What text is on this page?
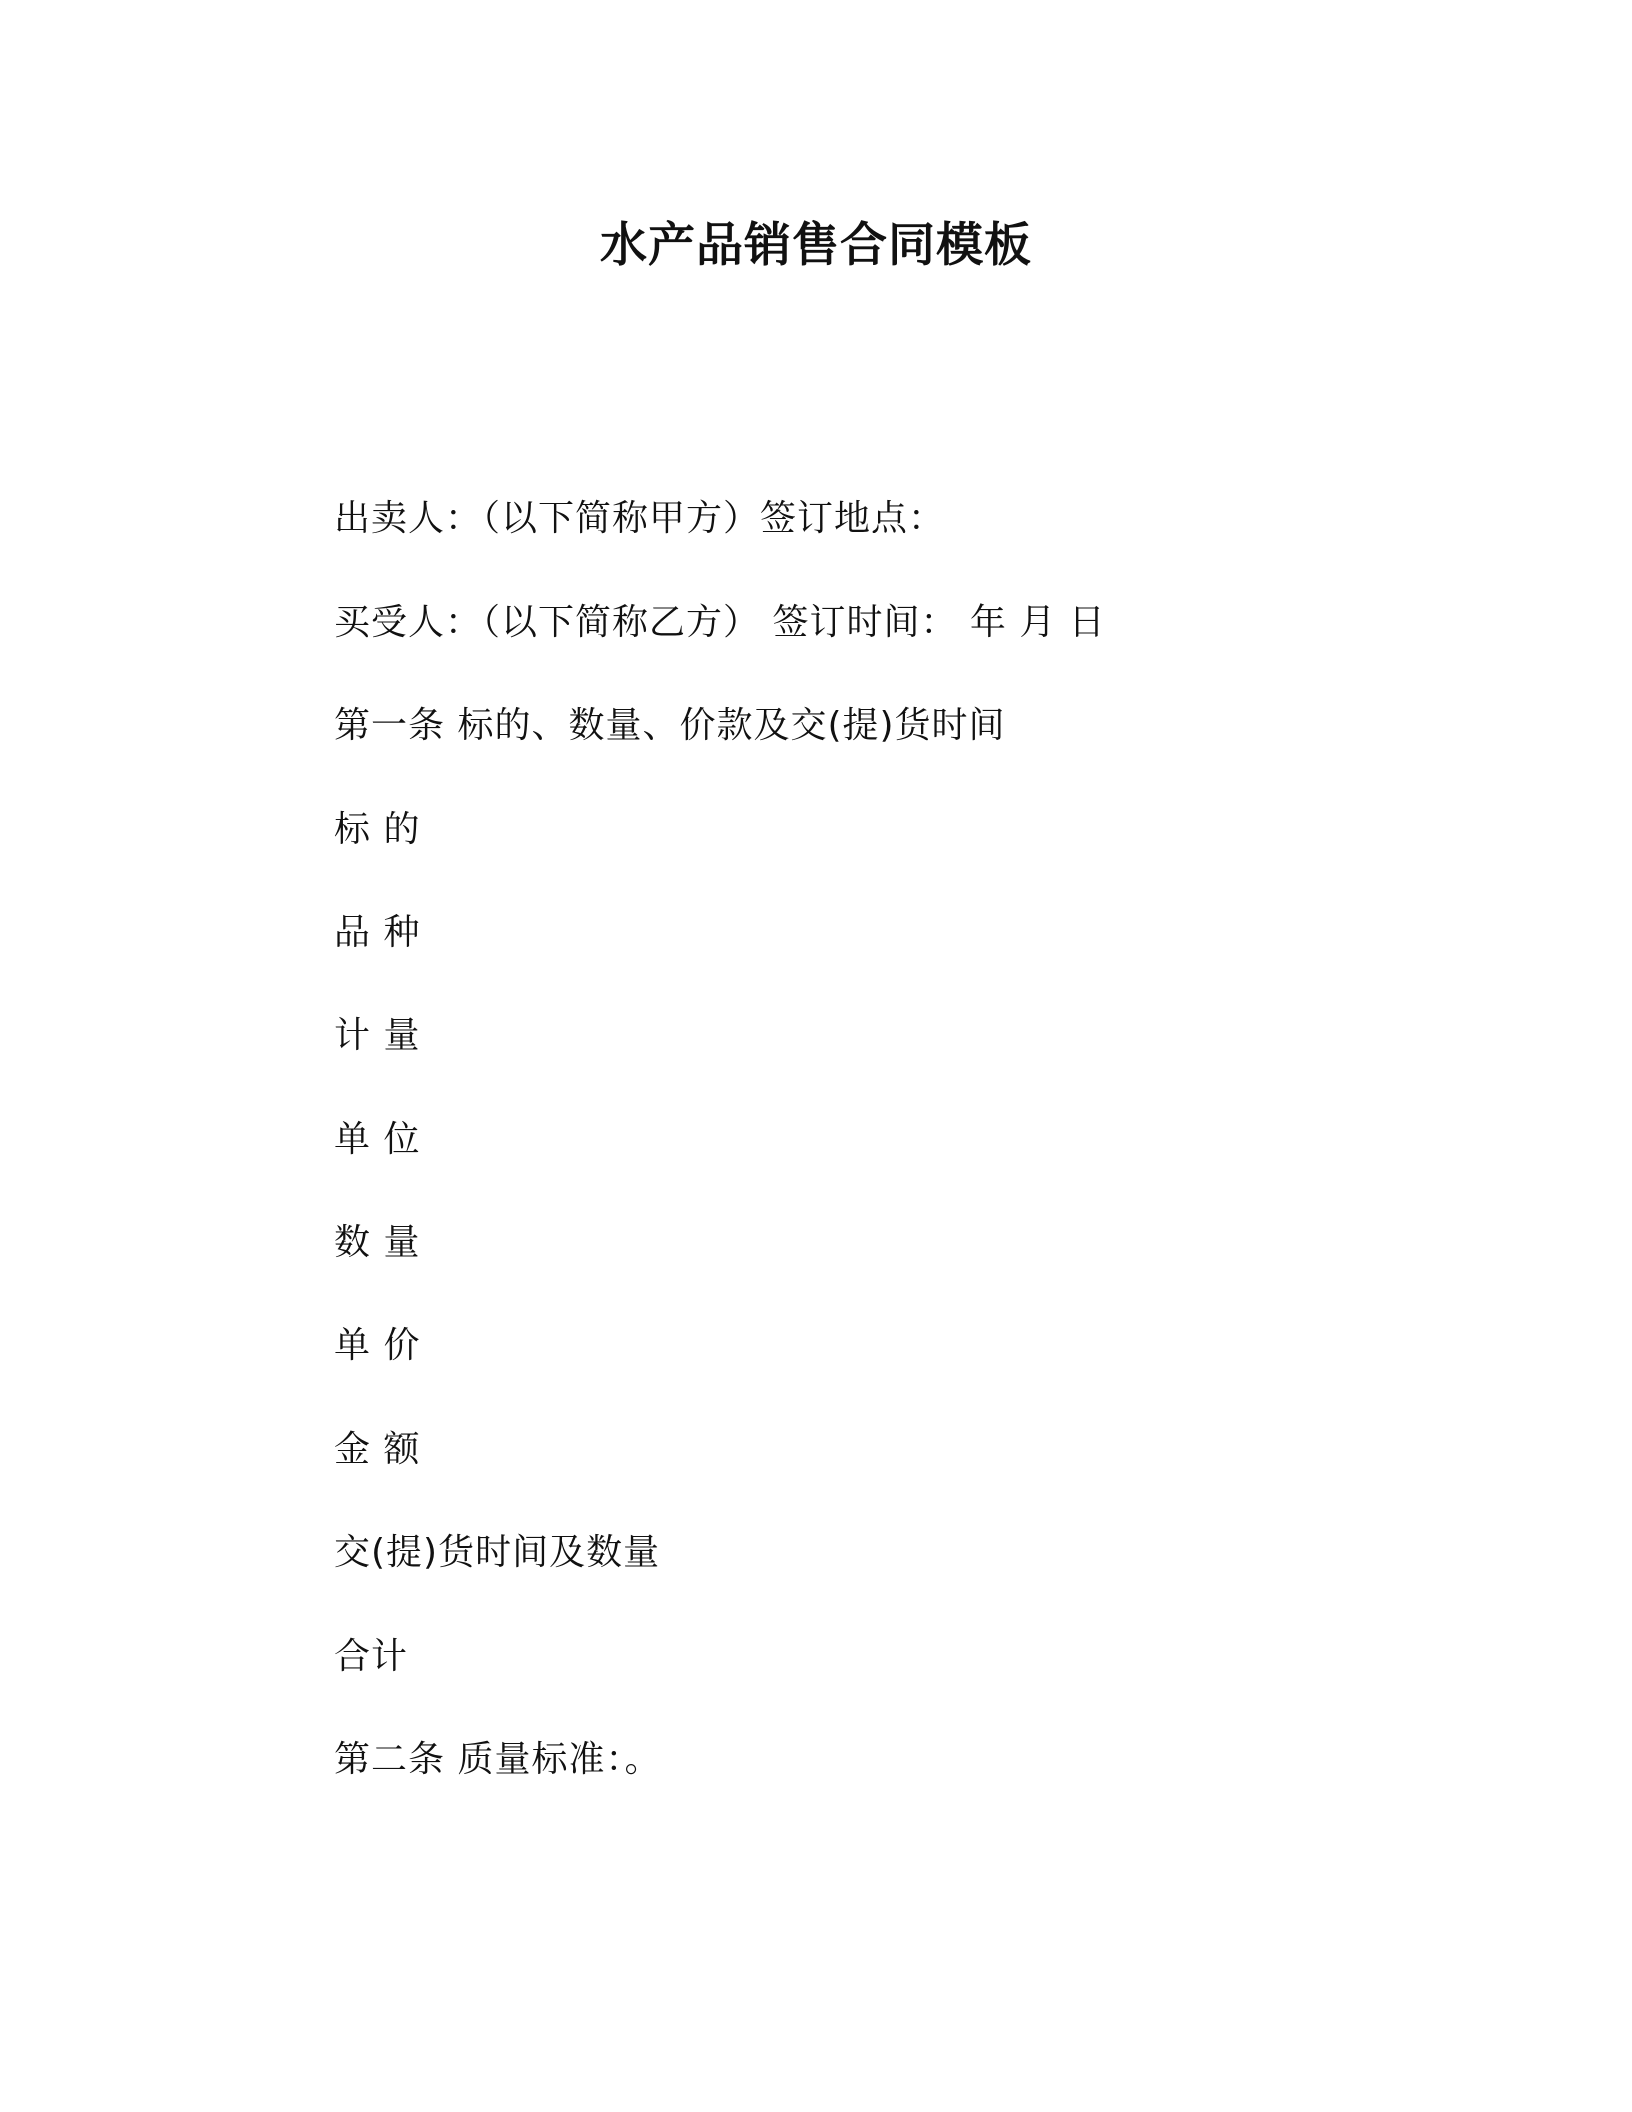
水产品销售合同模板
出卖人：（以下简称甲方）签订地点：
买受人：（以下简称乙方） 签订时间： 年 月 日
第一条 标的、数量、价款及交(提)货时间
标 的
品 种
计 量
单 位
数 量
单 价
金 额
交(提)货时间及数量
合计
第二条 质量标准：。
